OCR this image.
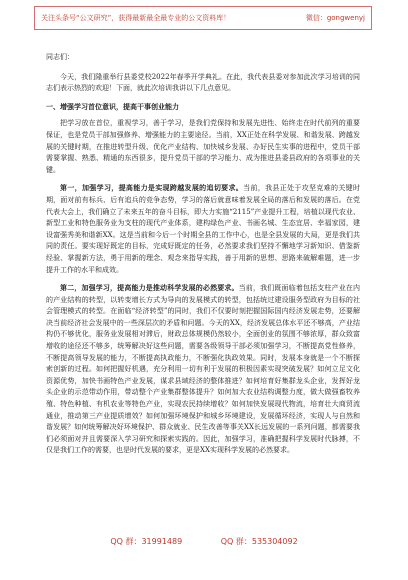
关注头条号“公文研究”，获得最新最全最专业的公文资料库！	微信：gongwenyj
同志们：

今天，我们隆重举行县委党校2022年春季开学典礼。在此，我代表县委对参加此次学习培训的同志们表示热烈的欢迎！下面，就此次培训我讲以下几点意见。

一、增强学习首位意识，提高干事创业能力

把学习放在首位，重视学习，善于学习，是我们党保持和发展先进性、始终走在时代前列的重要保证，也是党员干部加强修养、增强能力的主要途径。当前，XX正处在科学发展、和谐发展、跨越发展的关键时期，在推进转型升级、优化产业结构、加快城乡发展、办好民生实事的进程中，党员干部需要掌握、熟悉、精通的东西很多，提升党员干部的学习能力、成为推进县委县政府的各项事业的关键。

第一，加强学习，提高能力是实现跨越发展的追切要求。当前，我县正处于攻坚克难的关键时期，面对前有标兵、后有追兵的竞争态势，学习的落后就意味着发展全局的落后和发展的落后。在党代表大会上，我们确立了未来五年的奋斗目标，即大力实施“2115”产业提升工程，培植以现代农业、新型工业和特色服务业为支柱的现代产业体系，建构绿色产业、书画名城、生态宜居、幸福家园，建设富强秀美和谐新XX。这是当前和今后一个时期全县的工作中心，也是全县发展的大局，更是我们共同的责任。要实现好既定的目标，完成好既定的任务，必然要求我们坚持不懈地学习新知识、借鉴新经验、掌握新方法，勇于用新的理念、观念来指导实践，善于用新的思想、思路来破解难题，进一步提升工作的水平和成效。

第二，加强学习，提高能力是推动科学发展的必然要求。当前，我们既面临着包括支柱产业在内的产业结构的转型，以转变增长方式为导向的发展模式的转型，包括统过建设服务型政府为目标的社会管理模式的转型。在面临“经济转型”的同时，我们不仅要时刻把握国际国内经济发展走势，还要解决当前经济社会发展中的一些深层次的矛盾和问题。今天的XX，经济发展总体水平还不够高，产业结构仍不够优化，服务业发展相对滞后，财政总体规模仍然较小，全面创业的氛围不够浓厚，群众致富增收的途径还不够多，统筹解决好这些问题，需要各级领导干部必须加强学习，不断提高党性修养，不断提高领导发展的能力，不断提高执政能力，不断强化执政效果。同时，发展本身就是一个不断探索创新的过程。如何把握好机遇，充分利用一切有利于发展的积极因素实现突破发展？如何立足文化资源优势，加快书画特色产业发展，谋求县域经济的整体推进？如何培育好集群龙头企业，发挥好龙头企业的示范带动作用，带动整个产业集群整体提升？如何加大农业结构调整力度，做大做强畜牧养殖、特色种植、有机农业等特色产业，实现农民持续增收？如何加快发展现代物流，培育壮大商贸流通业，推动第三产业提质增效？如何加强环境保护和城乡环境建设，发展循环经济，实现人与自然和谐发展？如何统筹解决好环境保护、群众就业、民生改善等事关XX长远发展的一系列问题，都需要我们必须面对并且需要深入学习研究和探索实践的。因此，加强学习，准确把握科学发展时代脉搏，不仅是我们工作的需要，也是时代发展的要求，更是XX实现科学发展的必然要求。

QQ 群：31991489	QQ 群：535304092
